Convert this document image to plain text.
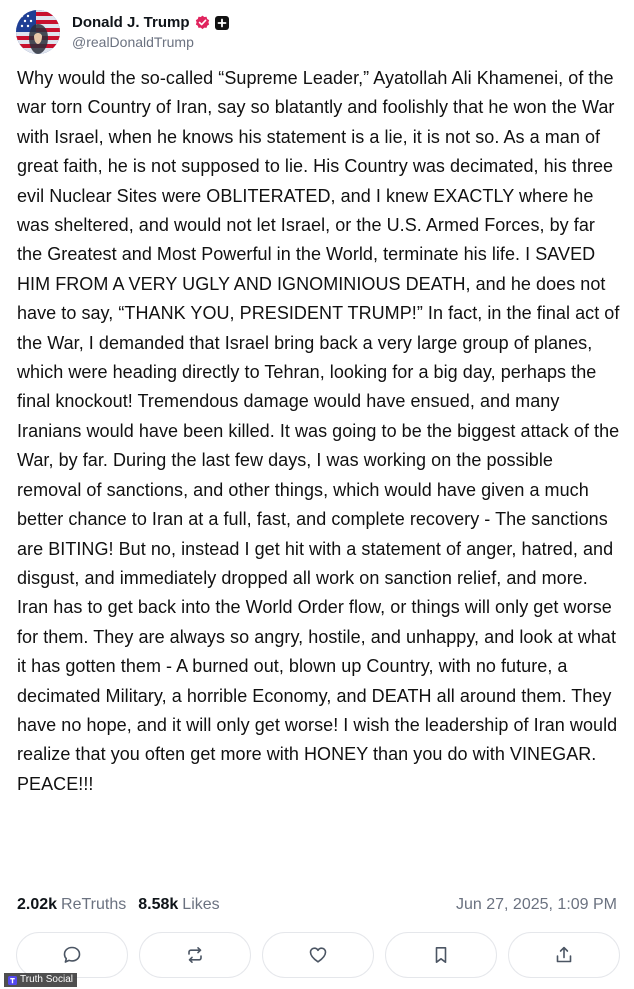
Donald J. Trump
@realDonaldTrump
Why would the so-called “Supreme Leader,” Ayatollah Ali Khamenei, of the war torn Country of Iran, say so blatantly and foolishly that he won the War with Israel, when he knows his statement is a lie, it is not so. As a man of great faith, he is not supposed to lie. His Country was decimated, his three evil Nuclear Sites were OBLITERATED, and I knew EXACTLY where he was sheltered, and would not let Israel, or the U.S. Armed Forces, by far the Greatest and Most Powerful in the World, terminate his life. I SAVED HIM FROM A VERY UGLY AND IGNOMINIOUS DEATH, and he does not have to say, “THANK YOU, PRESIDENT TRUMP!” In fact, in the final act of the War, I demanded that Israel bring back a very large group of planes, which were heading directly to Tehran, looking for a big day, perhaps the final knockout! Tremendous damage would have ensued, and many Iranians would have been killed. It was going to be the biggest attack of the War, by far. During the last few days, I was working on the possible removal of sanctions, and other things, which would have given a much better chance to Iran at a full, fast, and complete recovery - The sanctions are BITING! But no, instead I get hit with a statement of anger, hatred, and disgust, and immediately dropped all work on sanction relief, and more. Iran has to get back into the World Order flow, or things will only get worse for them. They are always so angry, hostile, and unhappy, and look at what it has gotten them - A burned out, blown up Country, with no future, a decimated Military, a horrible Economy, and DEATH all around them. They have no hope, and it will only get worse! I wish the leadership of Iran would realize that you often get more with HONEY than you do with VINEGAR. PEACE!!!
2.02k ReTruths 8.58k Likes	Jun 27, 2025, 1:09 PM
Truth Social
